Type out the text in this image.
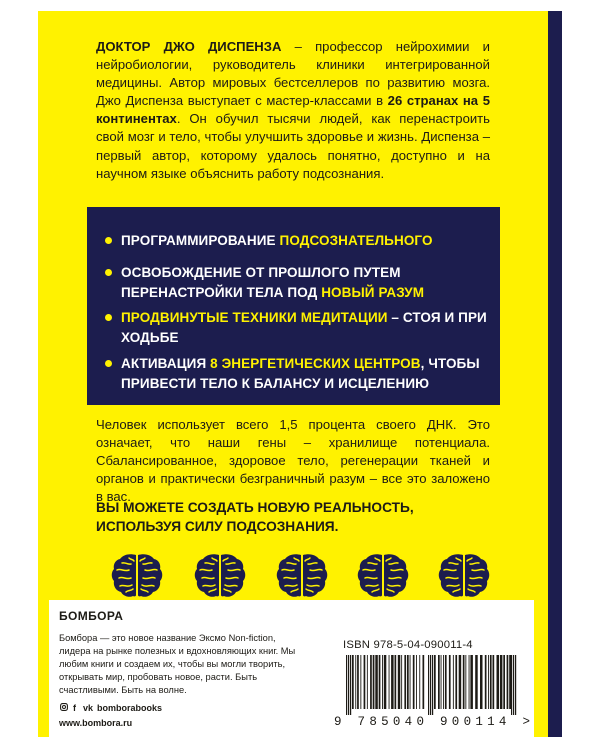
ДОКТОР ДЖО ДИСПЕНЗА – профессор нейрохимии и нейробиологии, руководитель клиники интегрированной медицины. Автор мировых бестселлеров по развитию мозга. Джо Диспенза выступает с мастер-классами в 26 странах на 5 континентах. Он обучил тысячи людей, как перенастроить свой мозг и тело, чтобы улучшить здоровье и жизнь. Диспенза – первый автор, которому удалось понятно, доступно и на научном языке объяснить работу подсознания.

ПРОГРАММИРОВАНИЕ ПОДСОЗНАТЕЛЬНОГО
ОСВОБОЖДЕНИЕ ОТ ПРОШЛОГО ПУТЕМ ПЕРЕНАСТРОЙКИ ТЕЛА ПОД НОВЫЙ РАЗУМ
ПРОДВИНУТЫЕ ТЕХНИКИ МЕДИТАЦИИ – СТОЯ И ПРИ ХОДЬБЕ
АКТИВАЦИЯ 8 ЭНЕРГЕТИЧЕСКИХ ЦЕНТРОВ, ЧТОБЫ ПРИВЕСТИ ТЕЛО К БАЛАНСУ И ИСЦЕЛЕНИЮ

Человек использует всего 1,5 процента своего ДНК. Это означает, что наши гены – хранилище потенциала. Сбалансированное, здоровое тело, регенерации тканей и органов и практически безграничный разум – все это заложено в вас.

ВЫ МОЖЕТЕ СОЗДАТЬ НОВУЮ РЕАЛЬНОСТЬ, ИСПОЛЬЗУЯ СИЛУ ПОДСОЗНАНИЯ.

БОМБОРА

Бомбора — это новое название Эксмо Non-fiction, лидера на рынке полезных и вдохновляющих книг. Мы любим книги и создаем их, чтобы вы могли творить, открывать мир, пробовать новое, расти. Быть счастливыми. Быть на волне.

f vk bomborabooks
www.bombora.ru
ISBN 978-5-04-090011-4
9 785040 900114 >
